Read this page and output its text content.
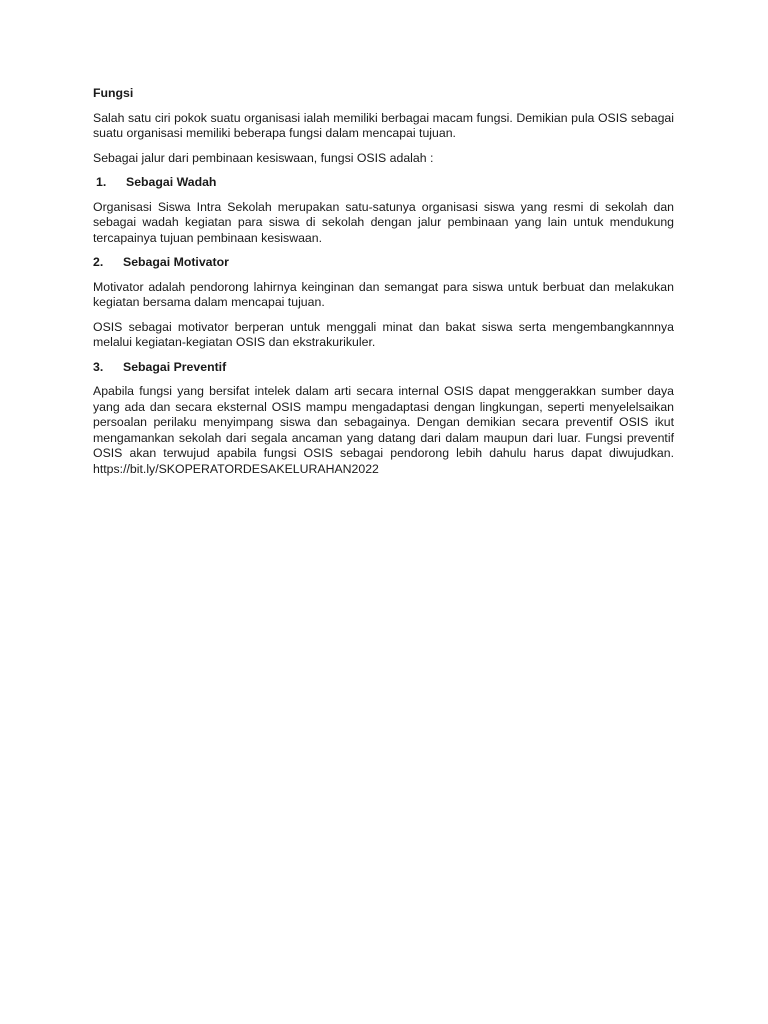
Fungsi
Salah satu ciri pokok suatu organisasi ialah memiliki berbagai macam fungsi. Demikian pula OSIS sebagai suatu organisasi memiliki beberapa fungsi dalam mencapai tujuan.
Sebagai jalur dari pembinaan kesiswaan, fungsi OSIS adalah :
1.	Sebagai Wadah
Organisasi Siswa Intra Sekolah merupakan satu-satunya organisasi siswa yang resmi di sekolah dan sebagai wadah kegiatan para siswa di sekolah dengan jalur pembinaan yang lain untuk mendukung tercapainya tujuan pembinaan kesiswaan.
2.	Sebagai Motivator
Motivator adalah pendorong lahirnya keinginan dan semangat para siswa untuk berbuat dan melakukan kegiatan bersama dalam mencapai tujuan.
OSIS sebagai motivator berperan untuk menggali minat dan bakat siswa serta mengembangkannnya melalui kegiatan-kegiatan OSIS dan ekstrakurikuler.
3.	Sebagai Preventif
Apabila fungsi yang bersifat intelek dalam arti secara internal OSIS dapat menggerakkan sumber daya yang ada dan secara eksternal OSIS mampu mengadaptasi dengan lingkungan, seperti menyelelsaikan persoalan perilaku menyimpang siswa dan sebagainya. Dengan demikian secara preventif OSIS ikut mengamankan sekolah dari segala ancaman yang datang dari dalam maupun dari luar. Fungsi preventif OSIS akan terwujud apabila fungsi OSIS sebagai pendorong lebih dahulu harus dapat diwujudkan. https://bit.ly/SKOPERATORDESAKELURAHAN2022
